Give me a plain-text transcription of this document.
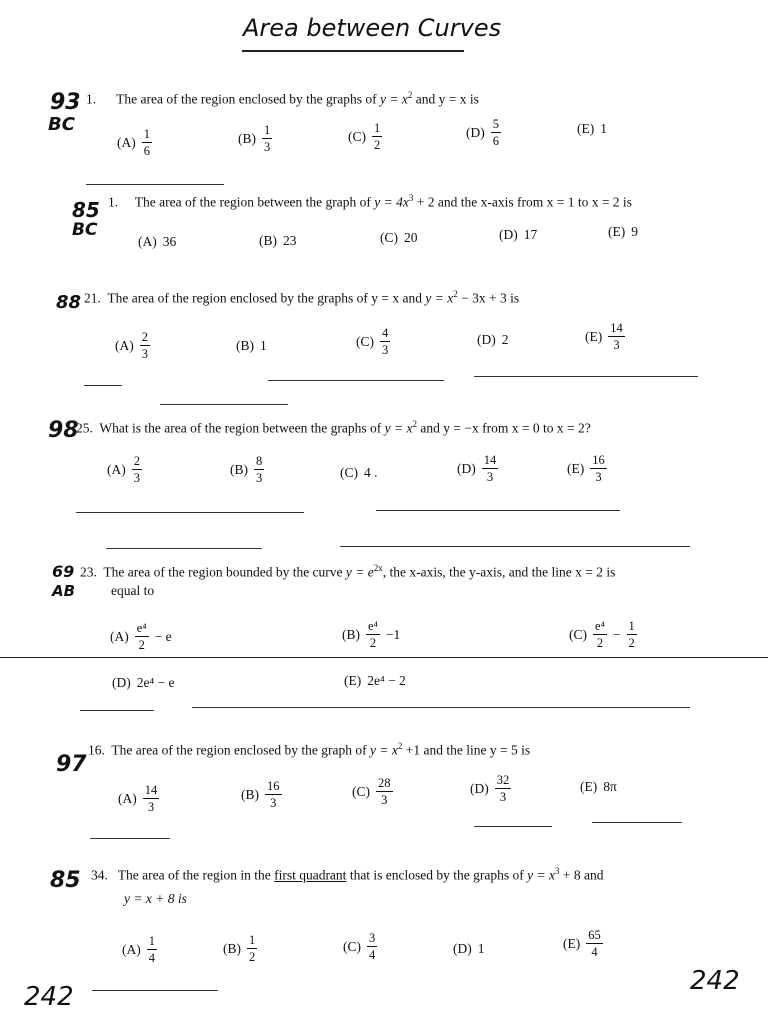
Area between Curves
93
BC
1. The area of the region enclosed by the graphs of $y = x^2$ and y = x is
$(A) \frac{1}{6}$	$(B) \frac{1}{3}$	$(C) \frac{1}{2}$	$(D) \frac{5}{6}$	(E) 1
85
BC
1. The area of the region between the graph of $y = 4x^3 + 2$ and the x-axis from x = 1 to x = 2 is
(A) 36	(B) 23	(C) 20	(D) 17	(E) 9
88 21. The area of the region enclosed by the graphs of y = x and $y = x^2 - 3x + 3$ is
$(A) \frac{2}{3}$	(B) 1	$(C) \frac{4}{3}$	(D) 2	$(E) \frac{14}{3}$
98
25. What is the area of the region between the graphs of $y = x^2$ and y = −x from x = 0 to x = 2?
$(A) \frac{2}{3}$	$(B) \frac{8}{3}$	(C) 4 .	$(D) \frac{14}{3}$	$(E) \frac{16}{3}$
69
AB
23. The area of the region bounded by the curve $y = e^{2x}$, the x-axis, the y-axis, and the line x = 2 is
equal to
$(A) \frac{\text{e⁴}}{2} - e$	$(B) \frac{\text{e⁴}}{2} -1$	$(C) \frac{\text{e⁴}}{2} - \frac{1}{2}$
(D) 2e⁴ − e	(E) 2e⁴ − 2
97
16. The area of the region enclosed by the graph of $y = x^2 +1$ and the line y = 5 is
$(A) \frac{14}{3}$	$(B) \frac{16}{3}$	$(C) \frac{28}{3}$	$(D) \frac{32}{3}$	(E) 8π
85 34. The area of the region in the first quadrant that is enclosed by the graphs of $y = x^3 + 8$ and
y = x + 8 is
$(A) \frac{1}{4}$	$(B) \frac{1}{2}$	$(C) \frac{3}{4}$	(D) 1	$(E) \frac{65}{4}$
242
242
